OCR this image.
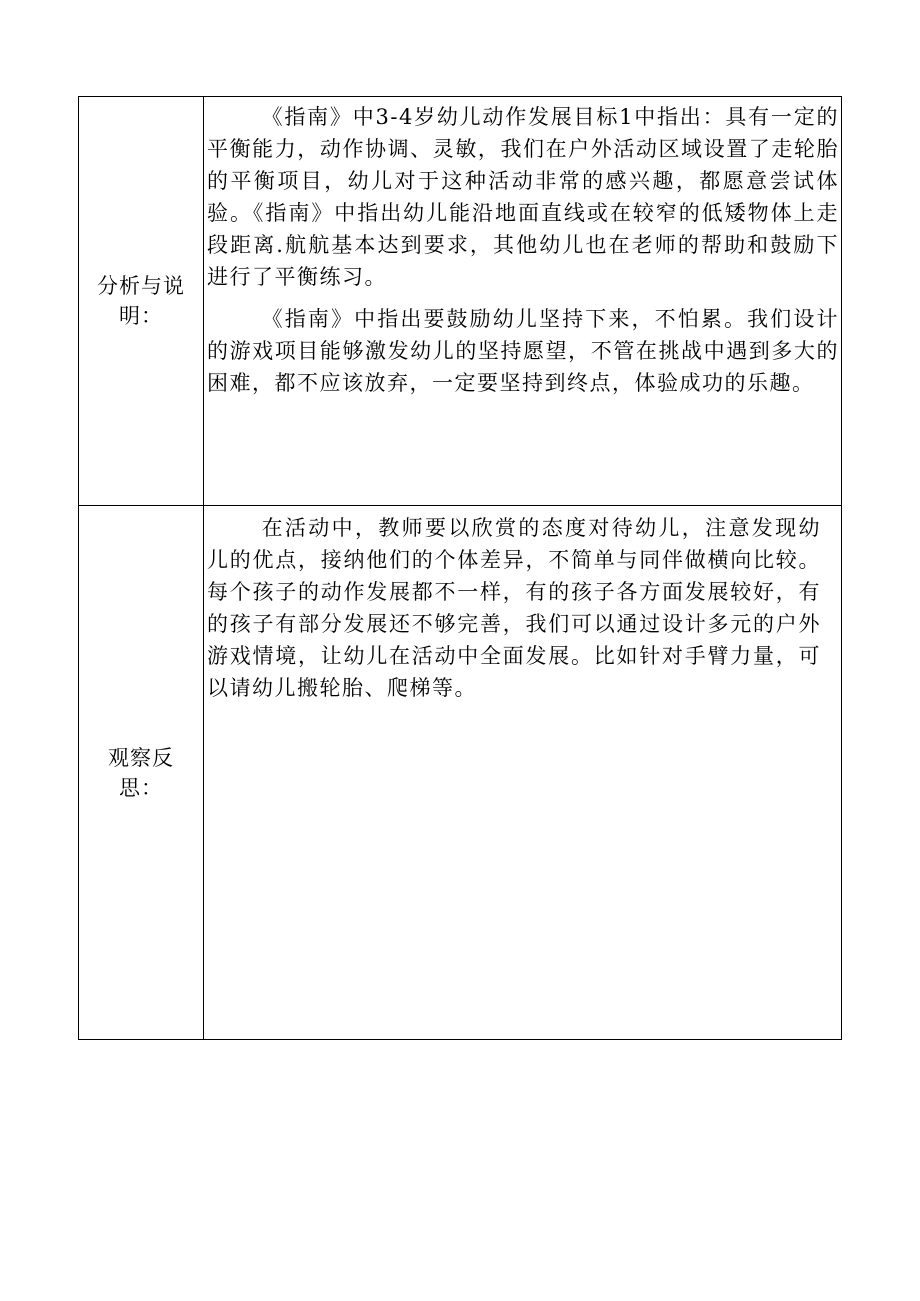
分析与说明：	《指南》中3-4岁幼儿动作发展目标1中指出：具有一定的平衡能力，动作协调、灵敏，我们在户外活动区域设置了走轮胎的平衡项目，幼儿对于这种活动非常的感兴趣，都愿意尝试体验。《指南》中指出幼儿能沿地面直线或在较窄的低矮物体上走段距离.航航基本达到要求，其他幼儿也在老师的帮助和鼓励下进行了平衡练习。

《指南》中指出要鼓励幼儿坚持下来，不怕累。我们设计的游戏项目能够激发幼儿的坚持愿望，不管在挑战中遇到多大的困难，都不应该放弃，一定要坚持到终点，体验成功的乐趣。

观察反思：	在活动中，教师要以欣赏的态度对待幼儿，注意发现幼儿的优点，接纳他们的个体差异，不简单与同伴做横向比较。每个孩子的动作发展都不一样，有的孩子各方面发展较好，有的孩子有部分发展还不够完善，我们可以通过设计多元的户外游戏情境，让幼儿在活动中全面发展。比如针对手臂力量，可以请幼儿搬轮胎、爬梯等。
